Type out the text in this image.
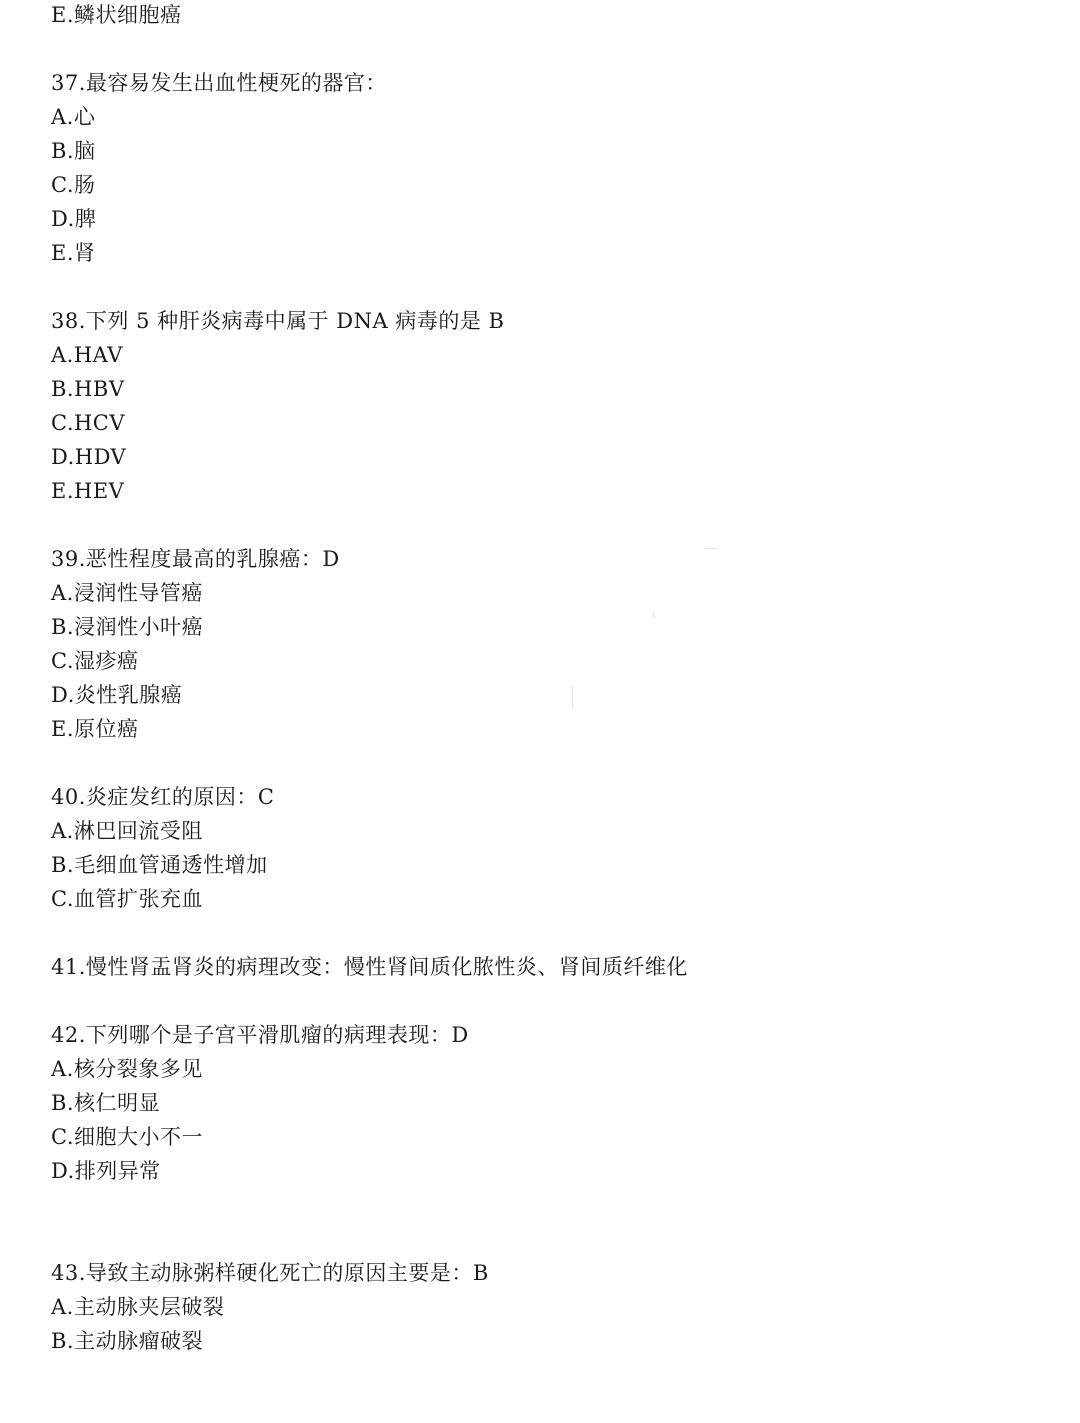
E.鳞状细胞癌
37.最容易发生出血性梗死的器官：
A.心
B.脑
C.肠
D.脾
E.肾
38.下列 5 种肝炎病毒中属于 DNA 病毒的是 B
A.HAV
B.HBV
C.HCV
D.HDV
E.HEV
39.恶性程度最高的乳腺癌：D
A.浸润性导管癌
B.浸润性小叶癌
C.湿疹癌
D.炎性乳腺癌
E.原位癌
40.炎症发红的原因：C
A.淋巴回流受阻
B.毛细血管通透性增加
C.血管扩张充血
41.慢性肾盂肾炎的病理改变：慢性肾间质化脓性炎、肾间质纤维化
42.下列哪个是子宫平滑肌瘤的病理表现：D
A.核分裂象多见
B.核仁明显
C.细胞大小不一
D.排列异常
43.导致主动脉粥样硬化死亡的原因主要是：B
A.主动脉夹层破裂
B.主动脉瘤破裂
